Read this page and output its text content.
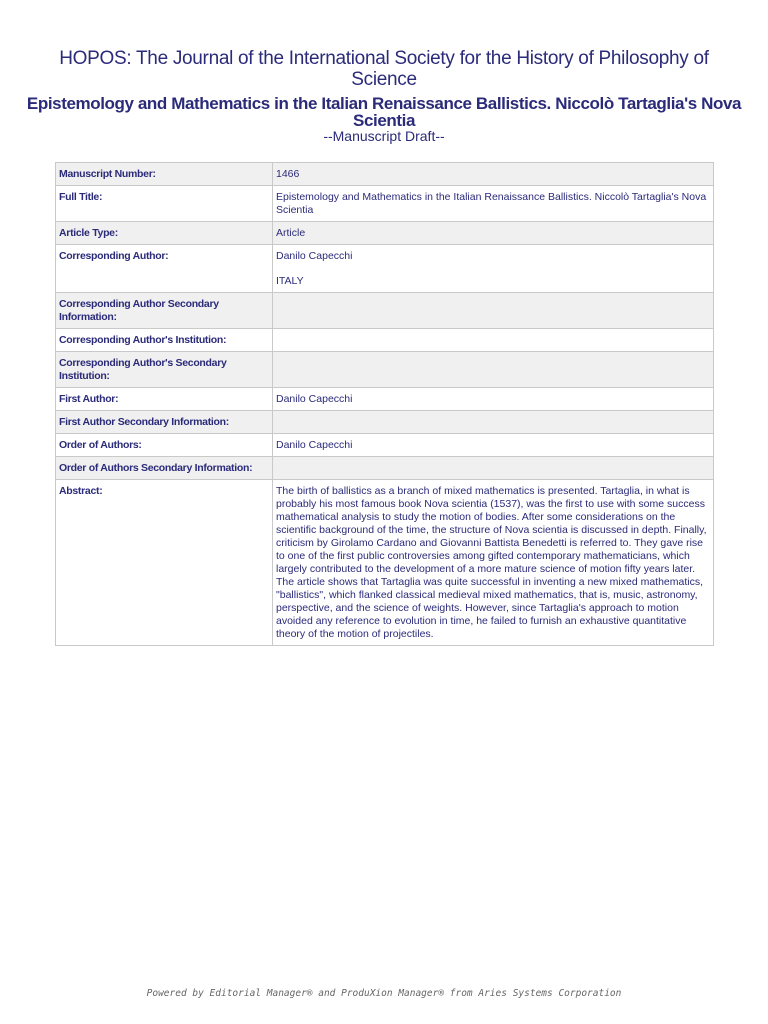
HOPOS: The Journal of the International Society for the History of Philosophy of Science
Epistemology and Mathematics in the Italian Renaissance Ballistics. Niccolò Tartaglia's Nova Scientia
--Manuscript Draft--
Manuscript Number:	1466
Full Title:	Epistemology and Mathematics in the Italian Renaissance Ballistics. Niccolò Tartaglia's Nova Scientia
Article Type:	Article
Corresponding Author:	Danilo Capecchi
ITALY

Corresponding Author Secondary Information:	
Corresponding Author's Institution:	
Corresponding Author's Secondary Institution:	
First Author:	Danilo Capecchi
First Author Secondary Information:	
Order of Authors:	Danilo Capecchi
Order of Authors Secondary Information:	
Abstract:	The birth of ballistics as a branch of mixed mathematics is presented. Tartaglia, in what is probably his most famous book Nova scientia (1537), was the first to use with some success mathematical analysis to study the motion of bodies. After some considerations on the scientific background of the time, the structure of Nova scientia is discussed in depth. Finally, criticism by Girolamo Cardano and Giovanni Battista Benedetti is referred to. They gave rise to one of the first public controversies among gifted contemporary mathematicians, which largely contributed to the development of a more mature science of motion fifty years later. The article shows that Tartaglia was quite successful in inventing a new mixed mathematics, "ballistics", which flanked classical medieval mixed mathematics, that is, music, astronomy, perspective, and the science of weights. However, since Tartaglia's approach to motion avoided any reference to evolution in time, he failed to furnish an exhaustive quantitative theory of the motion of projectiles.
Powered by Editorial Manager® and ProduXion Manager® from Aries Systems Corporation
